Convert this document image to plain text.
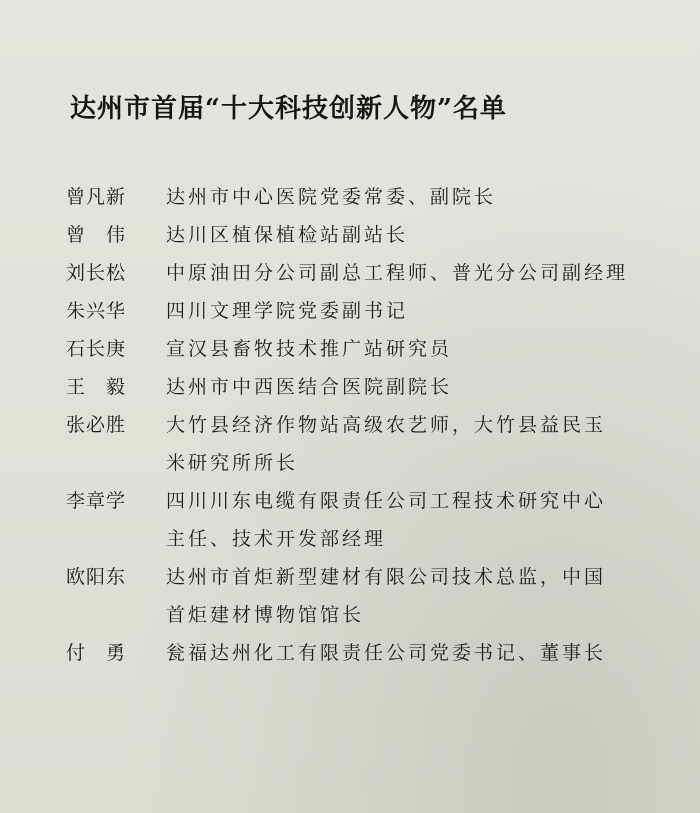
达州市首届“十大科技创新人物”名单
曾凡新	达州市中心医院党委常委、副院长
曾　伟	达川区植保植检站副站长
刘长松	中原油田分公司副总工程师、普光分公司副经理
朱兴华	四川文理学院党委副书记
石长庚	宣汉县畜牧技术推广站研究员
王　毅	达州市中西医结合医院副院长
张必胜	大竹县经济作物站高级农艺师，大竹县益民玉
米研究所所长
李章学	四川川东电缆有限责任公司工程技术研究中心
主任、技术开发部经理
欧阳东	达州市首炬新型建材有限公司技术总监，中国
首炬建材博物馆馆长
付　勇	瓮福达州化工有限责任公司党委书记、董事长
